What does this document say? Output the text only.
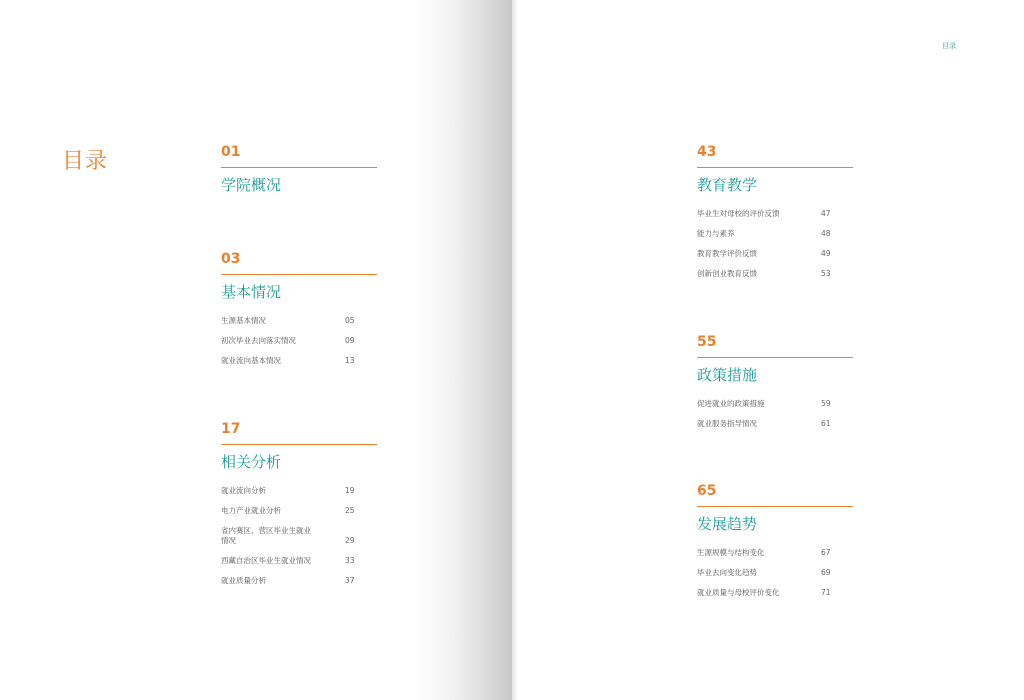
目录
目录
01
学院概况
03
基本情况
生源基本情况	05
初次毕业去向落实情况	09
就业流向基本情况	13
17
相关分析
就业流向分析	19
电力产业就业分析	25
省内赛区、营区毕业生就业情况	29
西藏自治区毕业生就业情况	33
就业质量分析	37
43
教育教学
毕业生对母校的评价反馈	47
能力与素养	48
教育教学评价反馈	49
创新创业教育反馈	53
55
政策措施
促进就业的政策措施	59
就业服务指导情况	61
65
发展趋势
生源规模与结构变化	67
毕业去向变化趋势	69
就业质量与母校评价变化	71
